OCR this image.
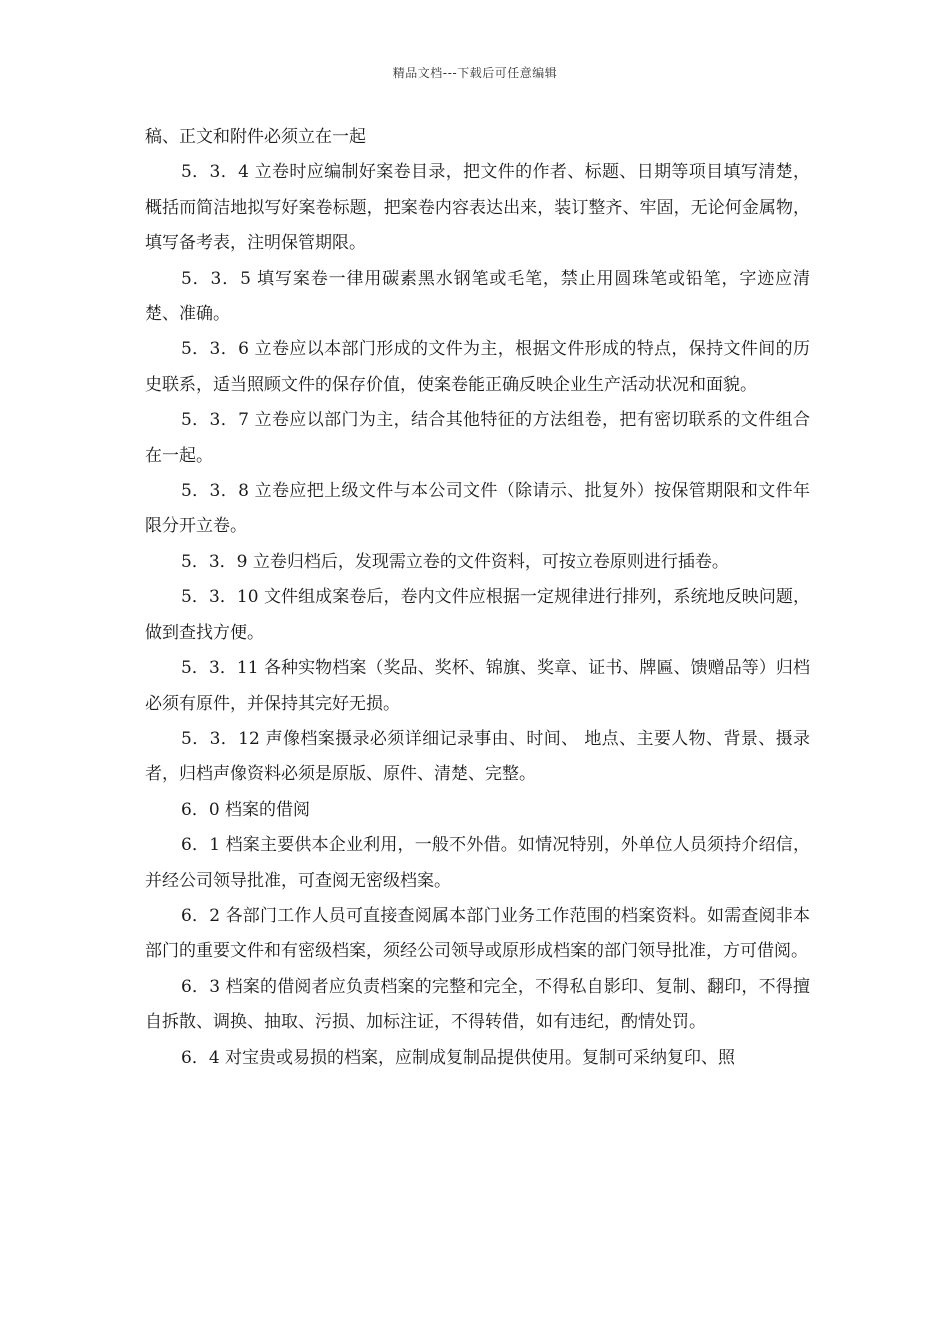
精品文档---下载后可任意编辑

稿、正文和附件必须立在一起

5．3．4 立卷时应编制好案卷目录，把文件的作者、标题、日期等项目填写清楚，概括而简洁地拟写好案卷标题，把案卷内容表达出来，装订整齐、牢固，无论何金属物，填写备考表，注明保管期限。

5．3．5 填写案卷一律用碳素黑水钢笔或毛笔，禁止用圆珠笔或铅笔，字迹应清楚、准确。

5．3．6 立卷应以本部门形成的文件为主，根据文件形成的特点，保持文件间的历史联系，适当照顾文件的保存价值，使案卷能正确反映企业生产活动状况和面貌。

5．3．7 立卷应以部门为主，结合其他特征的方法组卷，把有密切联系的文件组合在一起。

5．3．8 立卷应把上级文件与本公司文件（除请示、批复外）按保管期限和文件年限分开立卷。

5．3．9 立卷归档后，发现需立卷的文件资料，可按立卷原则进行插卷。

5．3．10 文件组成案卷后，卷内文件应根据一定规律进行排列，系统地反映问题，做到查找方便。

5．3．11 各种实物档案（奖品、奖杯、锦旗、奖章、证书、牌匾、馈赠品等）归档必须有原件，并保持其完好无损。

5．3．12 声像档案摄录必须详细记录事由、时间、 地点、主要人物、背景、摄录者，归档声像资料必须是原版、原件、清楚、完整。

6．0 档案的借阅

6．1 档案主要供本企业利用，一般不外借。如情况特别，外单位人员须持介绍信，并经公司领导批准，可查阅无密级档案。

6．2 各部门工作人员可直接查阅属本部门业务工作范围的档案资料。如需查阅非本部门的重要文件和有密级档案，须经公司领导或原形成档案的部门领导批准，方可借阅。

6．3 档案的借阅者应负责档案的完整和完全，不得私自影印、复制、翻印，不得擅自拆散、调换、抽取、污损、加标注证，不得转借，如有违纪，酌情处罚。

6．4 对宝贵或易损的档案，应制成复制品提供使用。复制可采纳复印、照
